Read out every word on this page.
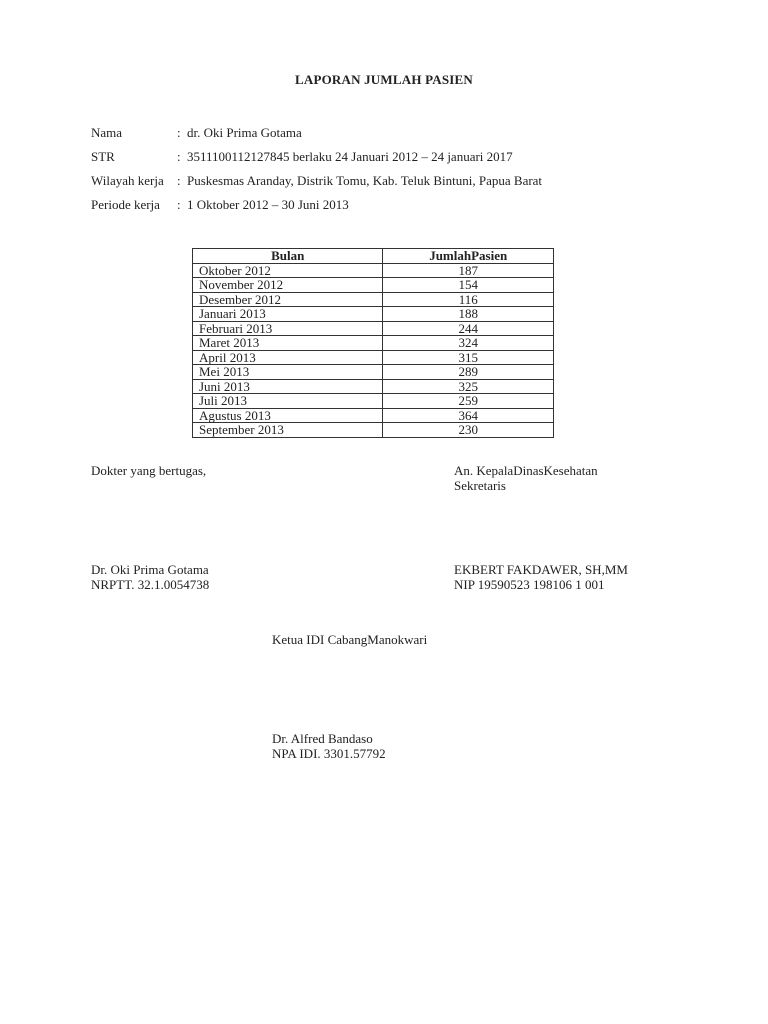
LAPORAN JUMLAH PASIEN
Nama	: dr. Oki Prima Gotama
STR	: 3511100112127845 berlaku 24 Januari 2012 – 24 januari 2017
Wilayah kerja : Puskesmas Aranday, Distrik Tomu, Kab. Teluk Bintuni, Papua Barat
Periode kerja : 1 Oktober 2012 – 30 Juni 2013
Bulan	JumlahPasien
Oktober 2012	187
November 2012	154
Desember 2012	116
Januari 2013	188
Februari 2013	244
Maret 2013	324
April 2013	315
Mei 2013	289
Juni 2013	325
Juli 2013	259
Agustus 2013	364
September 2013	230
Dokter yang bertugas,	An. KepalaDinasKesehatan
Sekretaris
Dr. Oki Prima Gotama
NRPTT. 32.1.0054738
EKBERT FAKDAWER, SH,MM
NIP 19590523 198106 1 001
Ketua IDI CabangManokwari
Dr. Alfred Bandaso
NPA IDI. 3301.57792
